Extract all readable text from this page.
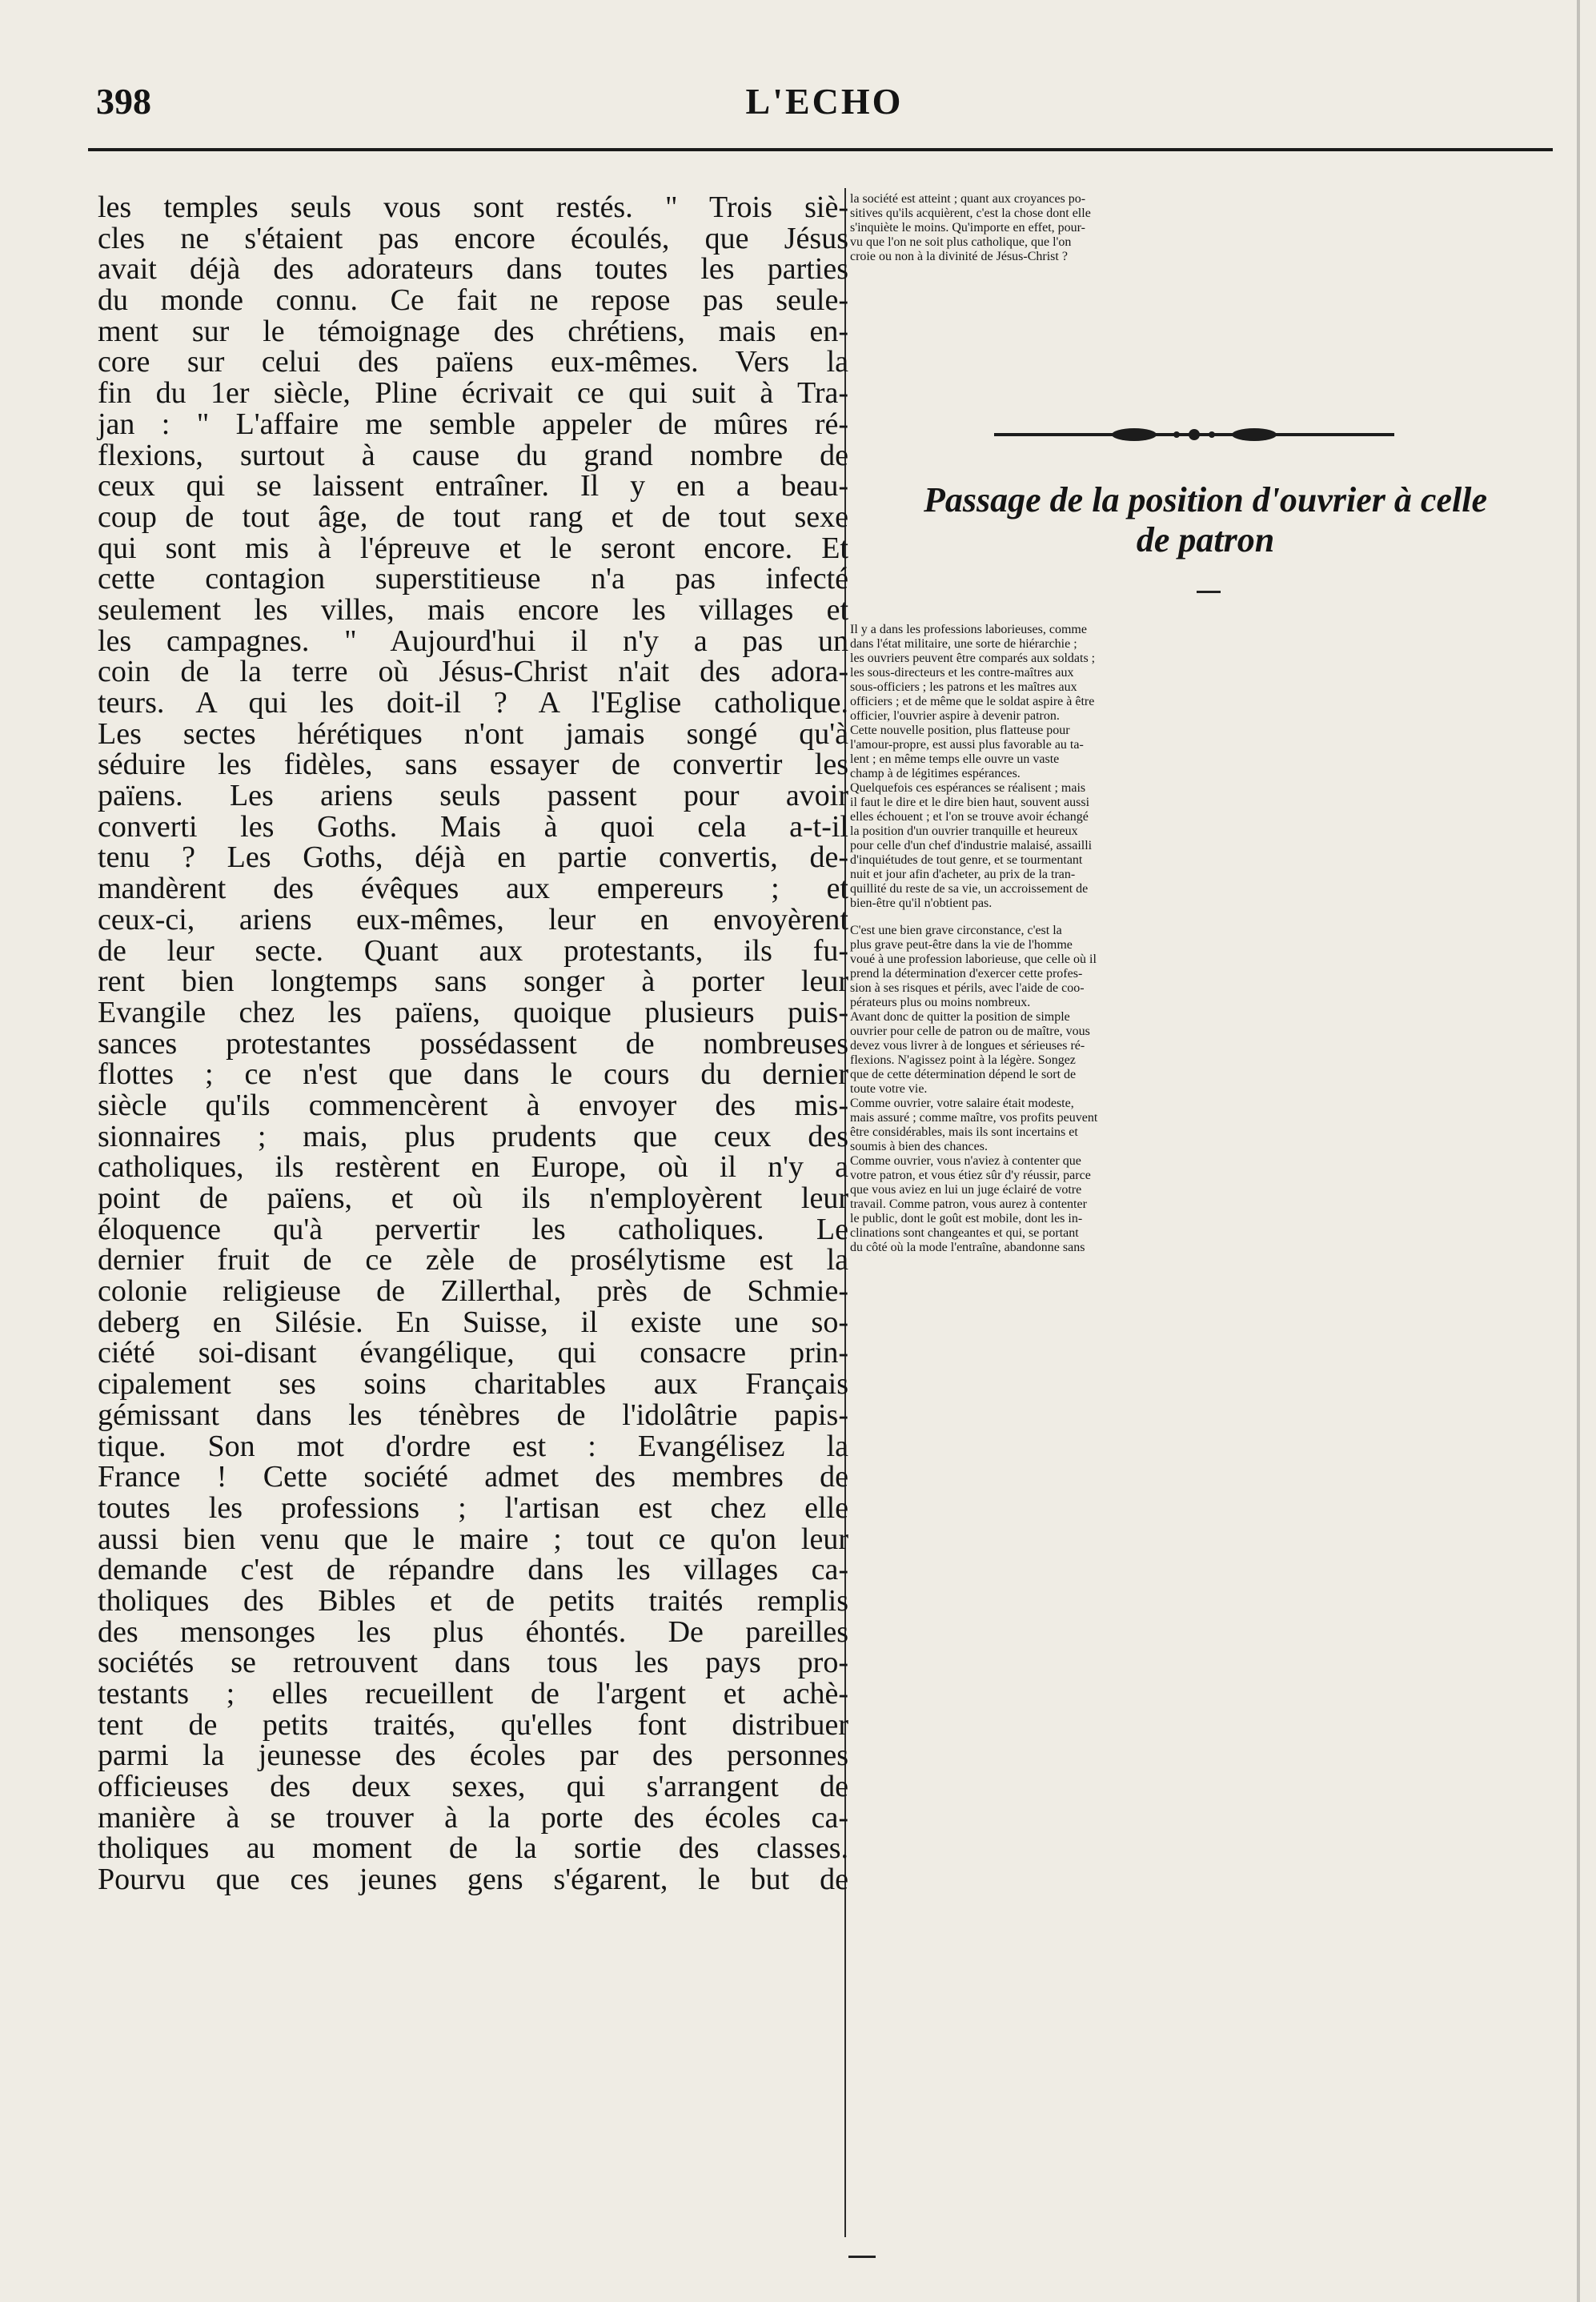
398	L'ECHO
les temples seuls vous sont restés. " Trois siè-
cles ne s'étaient pas encore écoulés, que Jésus
avait déjà des adorateurs dans toutes les parties
du monde connu. Ce fait ne repose pas seule-
ment sur le témoignage des chrétiens, mais en-
core sur celui des païens eux-mêmes. Vers la
fin du 1er siècle, Pline écrivait ce qui suit à Tra-
jan : " L'affaire me semble appeler de mûres ré-
flexions, surtout à cause du grand nombre de
ceux qui se laissent entraîner. Il y en a beau-
coup de tout âge, de tout rang et de tout sexe
qui sont mis à l'épreuve et le seront encore. Et
cette contagion superstitieuse n'a pas infecté
seulement les villes, mais encore les villages et
les campagnes. " Aujourd'hui il n'y a pas un
coin de la terre où Jésus-Christ n'ait des adora-
teurs. A qui les doit-il ? A l'Eglise catholique.
Les sectes hérétiques n'ont jamais songé qu'à
séduire les fidèles, sans essayer de convertir les
païens. Les ariens seuls passent pour avoir
converti les Goths. Mais à quoi cela a-t-il
tenu ? Les Goths, déjà en partie convertis, de-
mandèrent des évêques aux empereurs ; et
ceux-ci, ariens eux-mêmes, leur en envoyèrent
de leur secte. Quant aux protestants, ils fu-
rent bien longtemps sans songer à porter leur
Evangile chez les païens, quoique plusieurs puis-
sances protestantes possédassent de nombreuses
flottes ; ce n'est que dans le cours du dernier
siècle qu'ils commencèrent à envoyer des mis-
sionnaires ; mais, plus prudents que ceux des
catholiques, ils restèrent en Europe, où il n'y a
point de païens, et où ils n'employèrent leur
éloquence qu'à pervertir les catholiques. Le
dernier fruit de ce zèle de prosélytisme est la
colonie religieuse de Zillerthal, près de Schmie-
deberg en Silésie. En Suisse, il existe une so-
ciété soi-disant évangélique, qui consacre prin-
cipalement ses soins charitables aux Français
gémissant dans les ténèbres de l'idolâtrie papis-
tique. Son mot d'ordre est : Evangélisez la
France ! Cette société admet des membres de
toutes les professions ; l'artisan est chez elle
aussi bien venu que le maire ; tout ce qu'on leur
demande c'est de répandre dans les villages ca-
tholiques des Bibles et de petits traités remplis
des mensonges les plus éhontés. De pareilles
sociétés se retrouvent dans tous les pays pro-
testants ; elles recueillent de l'argent et achè-
tent de petits traités, qu'elles font distribuer
parmi la jeunesse des écoles par des personnes
officieuses des deux sexes, qui s'arrangent de
manière à se trouver à la porte des écoles ca-
tholiques au moment de la sortie des classes.
Pourvu que ces jeunes gens s'égarent, le but de
la société est atteint ; quant aux croyances po-
sitives qu'ils acquièrent, c'est la chose dont elle
s'inquiète le moins. Qu'importe en effet, pour-
vu que l'on ne soit plus catholique, que l'on
croie ou non à la divinité de Jésus-Christ ?
Passage de la position d'ouvrier à celle
de patron
Il y a dans les professions laborieuses, comme
dans l'état militaire, une sorte de hiérarchie ;
les ouvriers peuvent être comparés aux soldats ;
les sous-directeurs et les contre-maîtres aux
sous-officiers ; les patrons et les maîtres aux
officiers ; et de même que le soldat aspire à être
officier, l'ouvrier aspire à devenir patron.
Cette nouvelle position, plus flatteuse pour
l'amour-propre, est aussi plus favorable au ta-
lent ; en même temps elle ouvre un vaste
champ à de légitimes espérances.
Quelquefois ces espérances se réalisent ; mais
il faut le dire et le dire bien haut, souvent aussi
elles échouent ; et l'on se trouve avoir échangé
la position d'un ouvrier tranquille et heureux
pour celle d'un chef d'industrie malaisé, assailli
d'inquiétudes de tout genre, et se tourmentant
nuit et jour afin d'acheter, au prix de la tran-
quillité du reste de sa vie, un accroissement de
bien-être qu'il n'obtient pas.
C'est une bien grave circonstance, c'est la
plus grave peut-être dans la vie de l'homme
voué à une profession laborieuse, que celle où il
prend la détermination d'exercer cette profes-
sion à ses risques et périls, avec l'aide de coo-
pérateurs plus ou moins nombreux.
Avant donc de quitter la position de simple
ouvrier pour celle de patron ou de maître, vous
devez vous livrer à de longues et sérieuses ré-
flexions. N'agissez point à la légère. Songez
que de cette détermination dépend le sort de
toute votre vie.
Comme ouvrier, votre salaire était modeste,
mais assuré ; comme maître, vos profits peuvent
être considérables, mais ils sont incertains et
soumis à bien des chances.
Comme ouvrier, vous n'aviez à contenter que
votre patron, et vous étiez sûr d'y réussir, parce
que vous aviez en lui un juge éclairé de votre
travail. Comme patron, vous aurez à contenter
le public, dont le goût est mobile, dont les in-
clinations sont changeantes et qui, se portant
du côté où la mode l'entraîne, abandonne sans
